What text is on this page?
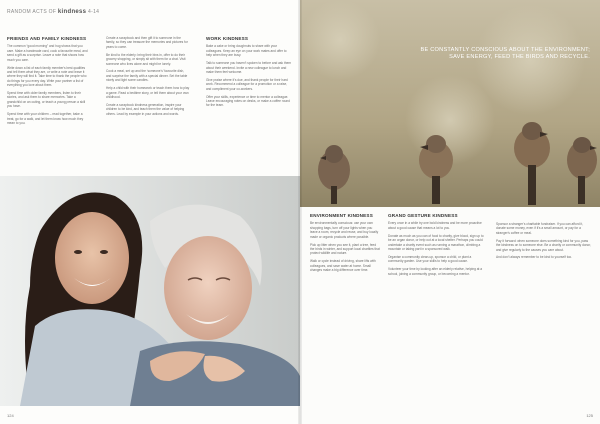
RANDOM ACTS OF kindness 4-14
FRIENDS AND FAMILY KINDNESS

The common “good morning” and hug shows that you care. Make a handmade card, cook a favourite meal, and send a gift as a surprise. Leave a note that shows how much you care.

Write down a list of each family member's best qualities and tell them what they are, or write a note and leave it where they will find it. Take time to thank the people who do things for you every day. Write your partner a list of everything you love about them.

Spend time with older family members, listen to their stories, and ask them to share memories. Take a grandchild on an outing, or teach a young person a skill you have.

Spend time with your children – read together, bake a treat, go for a walk, and let them know how much they mean to you.

Create a scrapbook and then gift it to someone in the family, so they can treasure the memories and pictures for years to come.

Be kind to the elderly: bring their bins in, offer to do their grocery shopping, or simply sit with them for a chat. Visit someone who lives alone and might be lonely.

Cook a meal, set up and the ‘someone’s’ favourite dish, and surprise the family with a special dinner. Set the table nicely and light some candles.

Help a child with their homework or teach them how to play a game. Read a bedtime story, or tell them about your own childhood.

Create a scrapbook kindness generation, inspire your children to be kind, and teach them the value of helping others. Lead by example in your actions and words.

WORK KINDNESS

Bake a cake or bring doughnuts to share with your colleagues. Keep an eye on your work mates and offer to help when they are busy.

Talk to someone you haven’t spoken to before and ask them about their weekend. Invite a new colleague to lunch and make them feel welcome.

Give praise where it’s due, and thank people for their hard work. Recommend a colleague for a promotion or a raise, and compliment your co-workers.

Offer your skills, experience or time to mentor a colleague. Leave encouraging notes on desks, or make a coffee round for the team.

124
ENVIRONMENT KINDNESS

Be environmentally conscious: use your own shopping bags, turn off your lights when you leave a room, recycle and reuse, and buy locally made or organic products where possible.

Pick up litter when you see it, plant a tree, feed the birds in winter, and support local charities that protect wildlife and nature.

Walk or cycle instead of driving, share lifts with colleagues, and save water at home. Small changes make a big difference over time.

GRAND GESTURE KINDNESS

Every once in a while try one bold kindness and be more proactive about a good cause that means a lot to you.

Donate as much as you can of food to charity, give blood, sign up to be an organ donor, or help out at a local shelter. Perhaps you could undertake a charity event such as running a marathon, climbing a mountain or taking part in a sponsored walk.

Organise a community clean-up, sponsor a child, or plant a community garden. Use your skills to help a good cause.

Volunteer your time by looking after an elderly relative, helping at a school, joining a community group, or becoming a mentor.

Sponsor a stranger’s charitable fundraiser. If you can afford it, donate some money, even if it's a small amount, or pay for a stranger's coffee or meal.

Pay it forward: when someone does something kind for you, pass the kindness on to someone else. Be a charity or community donor, and give regularly to the causes you care about.

And don’t always remember to be kind to yourself too.

125
BE CONSTANTLY CONSCIOUS ABOUT THE ENVIRONMENT; SAVE ENERGY, FEED THE BIRDS AND RECYCLE.
